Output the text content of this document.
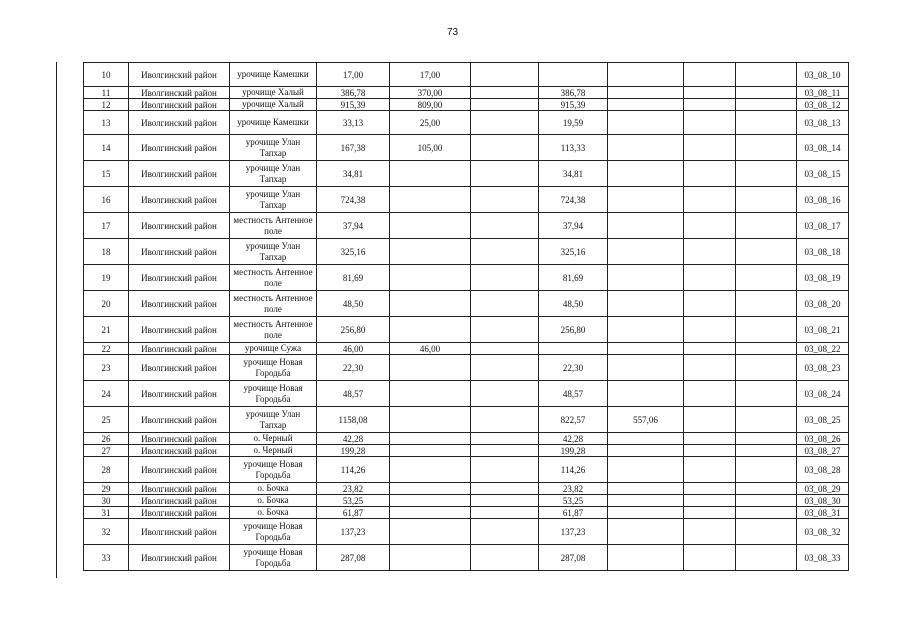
73
10	Иволгинский район	урочище Камешки	17,00	17,00						03_08_10
11	Иволгинский район	урочище Халый	386,78	370,00		386,78				03_08_11
12	Иволгинский район	урочище Халый	915,39	809,00		915,39				03_08_12
13	Иволгинский район	урочище Камешки	33,13	25,00		19,59				03_08_13
14	Иволгинский район	урочище Улан Тапхар	167,38	105,00		113,33				03_08_14
15	Иволгинский район	урочище Улан Тапхар	34,81			34,81				03_08_15
16	Иволгинский район	урочище Улан Тапхар	724,38			724,38				03_08_16
17	Иволгинский район	местность Антенное поле	37,94			37,94				03_08_17
18	Иволгинский район	урочище Улан Тапхар	325,16			325,16				03_08_18
19	Иволгинский район	местность Антенное поле	81,69			81,69				03_08_19
20	Иволгинский район	местность Антенное поле	48,50			48,50				03_08_20
21	Иволгинский район	местность Антенное поле	256,80			256,80				03_08_21
22	Иволгинский район	урочище Сужа	46,00	46,00						03_08_22
23	Иволгинский район	урочище Новая Городьба	22,30			22,30				03_08_23
24	Иволгинский район	урочище Новая Городьба	48,57			48,57				03_08_24
25	Иволгинский район	урочище Улан Тапхар	1158,08			822,57	557,06			03_08_25
26	Иволгинский район	о. Черный	42,28			42,28				03_08_26
27	Иволгинский район	о. Черный	199,28			199,28				03_08_27
28	Иволгинский район	урочище Новая Городьба	114,26			114,26				03_08_28
29	Иволгинский район	о. Бочка	23,82			23,82				03_08_29
30	Иволгинский район	о. Бочка	53,25			53,25				03_08_30
31	Иволгинский район	о. Бочка	61,87			61,87				03_08_31
32	Иволгинский район	урочище Новая Городьба	137,23			137,23				03_08_32
33	Иволгинский район	урочище Новая Городьба	287,08			287,08				03_08_33
